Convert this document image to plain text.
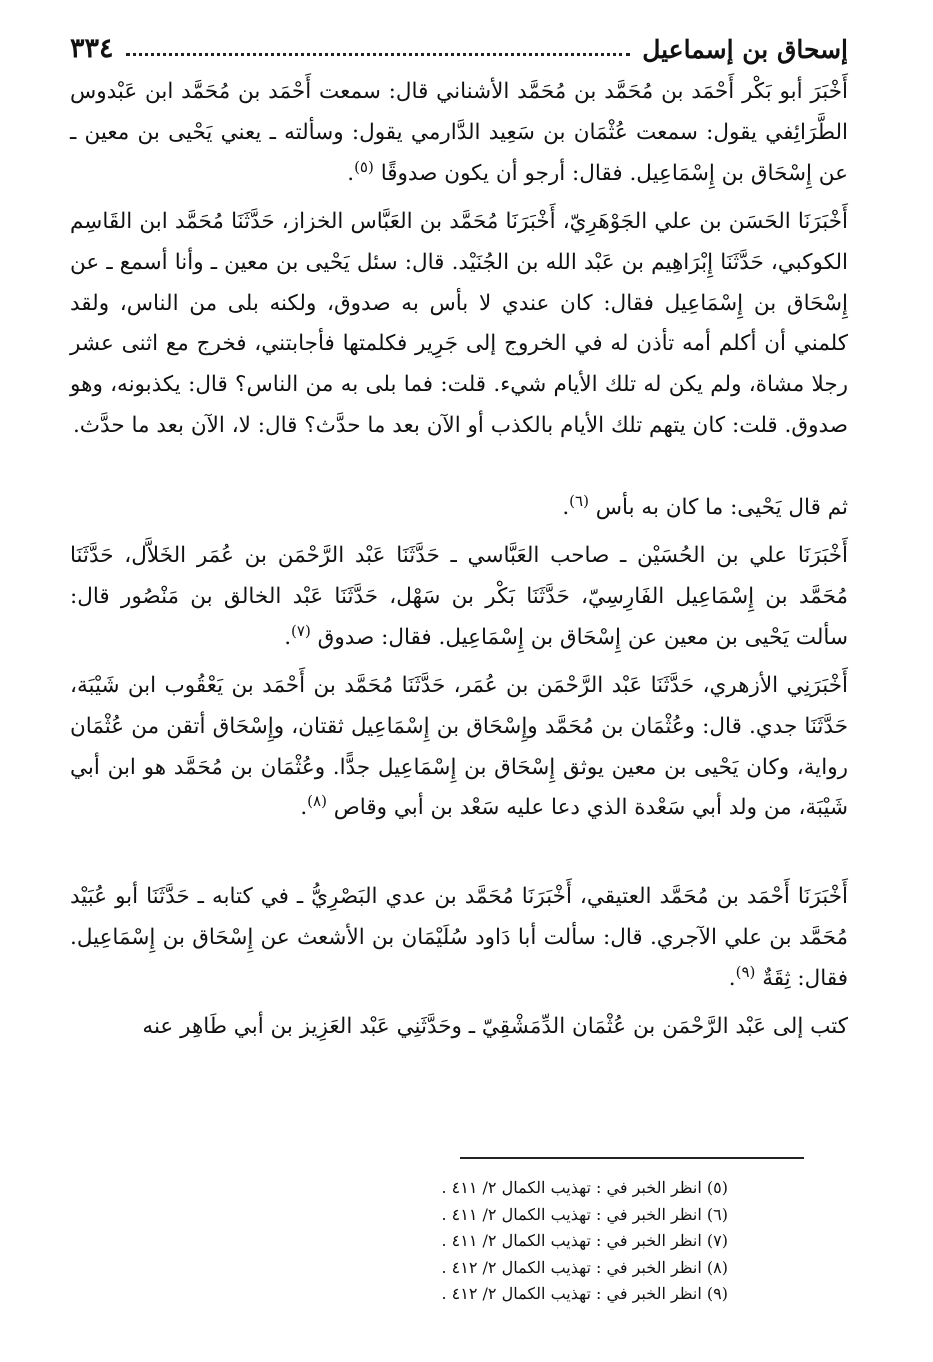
إسحاق بن إسماعيل
٣٣٤

أَخْبَرَ أبو بَكْر أَحْمَد بن مُحَمَّد بن مُحَمَّد الأشناني قال: سمعت أَحْمَد بن مُحَمَّد ابن عَبْدوس الطَّرَائِفي يقول: سمعت عُثْمَان بن سَعِيد الدَّارمي يقول: وسألته ـ يعني يَحْيى بن معين ـ عن إِسْحَاق بن إِسْمَاعِيل. فقال: أرجو أن يكون صدوقًا $^{(٥)}$.

أَخْبَرَنَا الحَسَن بن علي الجَوْهَرِيّ، أَخْبَرَنَا مُحَمَّد بن العَبَّاس الخزاز، حَدَّثَنَا مُحَمَّد ابن القَاسِم الكوكبي، حَدَّثَنَا إِبْرَاهِيم بن عَبْد الله بن الجُنَيْد. قال: سئل يَحْيى بن معين ـ وأنا أسمع ـ عن إِسْحَاق بن إِسْمَاعِيل فقال: كان عندي لا بأس به صدوق، ولكنه بلى من الناس، ولقد كلمني أن أكلم أمه تأذن له في الخروج إلى جَرِير فكلمتها فأجابتني، فخرج مع اثنى عشر رجلا مشاة، ولم يكن له تلك الأيام شيء. قلت: فما بلى به من الناس؟ قال: يكذبونه، وهو صدوق. قلت: كان يتهم تلك الأيام بالكذب أو الآن بعد ما حدَّث؟ قال: لا، الآن بعد ما حدَّث.

ثم قال يَحْيى: ما كان به بأس $^{(٦)}$.

أَخْبَرَنَا علي بن الحُسَيْن ـ صاحب العَبَّاسي ـ حَدَّثَنَا عَبْد الرَّحْمَن بن عُمَر الخَلاَّل، حَدَّثَنَا مُحَمَّد بن إِسْمَاعِيل الفَارِسِيّ، حَدَّثَنَا بَكْر بن سَهْل، حَدَّثَنَا عَبْد الخالق بن مَنْصُور قال: سألت يَحْيى بن معين عن إِسْحَاق بن إِسْمَاعِيل. فقال: صدوق $^{(٧)}$.

أَخْبَرَنِي الأزهري، حَدَّثَنَا عَبْد الرَّحْمَن بن عُمَر، حَدَّثَنَا مُحَمَّد بن أَحْمَد بن يَعْقُوب ابن شَيْبَة، حَدَّثَنَا جدي. قال: وعُثْمَان بن مُحَمَّد وإِسْحَاق بن إِسْمَاعِيل ثقتان، وإِسْحَاق أتقن من عُثْمَان رواية، وكان يَحْيى بن معين يوثق إِسْحَاق بن إِسْمَاعِيل جدًّا. وعُثْمَان بن مُحَمَّد هو ابن أبي شَيْبَة، من ولد أبي سَعْدة الذي دعا عليه سَعْد بن أبي وقاص $^{(٨)}$.

أَخْبَرَنَا أَحْمَد بن مُحَمَّد العتيقي، أَخْبَرَنَا مُحَمَّد بن عدي البَصْرِيُّ ـ في كتابه ـ حَدَّثَنَا أبو عُبَيْد مُحَمَّد بن علي الآجري. قال: سألت أبا دَاود سُلَيْمَان بن الأشعث عن إِسْحَاق بن إِسْمَاعِيل. فقال: ثِقَةٌ $^{(٩)}$.

كتب إلى عَبْد الرَّحْمَن بن عُثْمَان الدِّمَشْقِيّ ـ وحَدَّثَنِي عَبْد العَزِيز بن أبي طَاهِر عنه

(٥) انظر الخبر في : تهذيب الكمال ٢/ ٤١١ .
(٦) انظر الخبر في : تهذيب الكمال ٢/ ٤١١ .
(٧) انظر الخبر في : تهذيب الكمال ٢/ ٤١١ .
(٨) انظر الخبر في : تهذيب الكمال ٢/ ٤١٢ .
(٩) انظر الخبر في : تهذيب الكمال ٢/ ٤١٢ .
